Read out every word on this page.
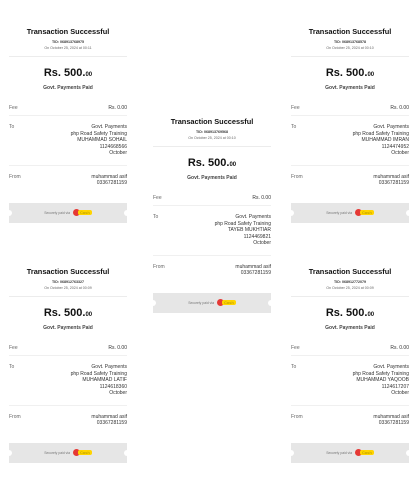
Transaction Successful
TID: 068913768975
On October 25, 2024 at 00:11
Rs. 500.00
Govt. Payments Paid
Fee	Rs. 0.00
To	Govt. Payments
php Road Safety Training
MUHAMMAD SOHAIL
1124668566
October
From	muhammad asif
03367281159
Securely paid via	Cash
Transaction Successful
TID: 068913768578
On October 25, 2024 at 00:10
Rs. 500.00
Govt. Payments Paid
Fee	Rs. 0.00
To	Govt. Payments
php Road Safety Training
MUHAMMAD IMRAN
1124474952
October
From	muhammad asif
03367281159
Securely paid via	Cash
Transaction Successful
TID: 068913769568
On October 25, 2024 at 00:10
Rs. 500.00
Govt. Payments Paid
Fee	Rs. 0.00
To	Govt. Payments
php Road Safety Training
TAYEB MUKHTIAR
1124469821
October
From	muhammad asif
03367281159
Securely paid via	Cash
Transaction Successful
TID: 068912763327
On October 25, 2024 at 00:09
Rs. 500.00
Govt. Payments Paid
Fee	Rs. 0.00
To	Govt. Payments
php Road Safety Training
MUHAMMAD LATIF
1124618360
October
From	muhammad asif
03367281159
Securely paid via	Cash
Transaction Successful
TID: 068912772079
On October 25, 2024 at 00:09
Rs. 500.00
Govt. Payments Paid
Fee	Rs. 0.00
To	Govt. Payments
php Road Safety Training
MUHAMMAD YAQOOB
1124617207
October
From	muhammad asif
03367281159
Securely paid via	Cash
